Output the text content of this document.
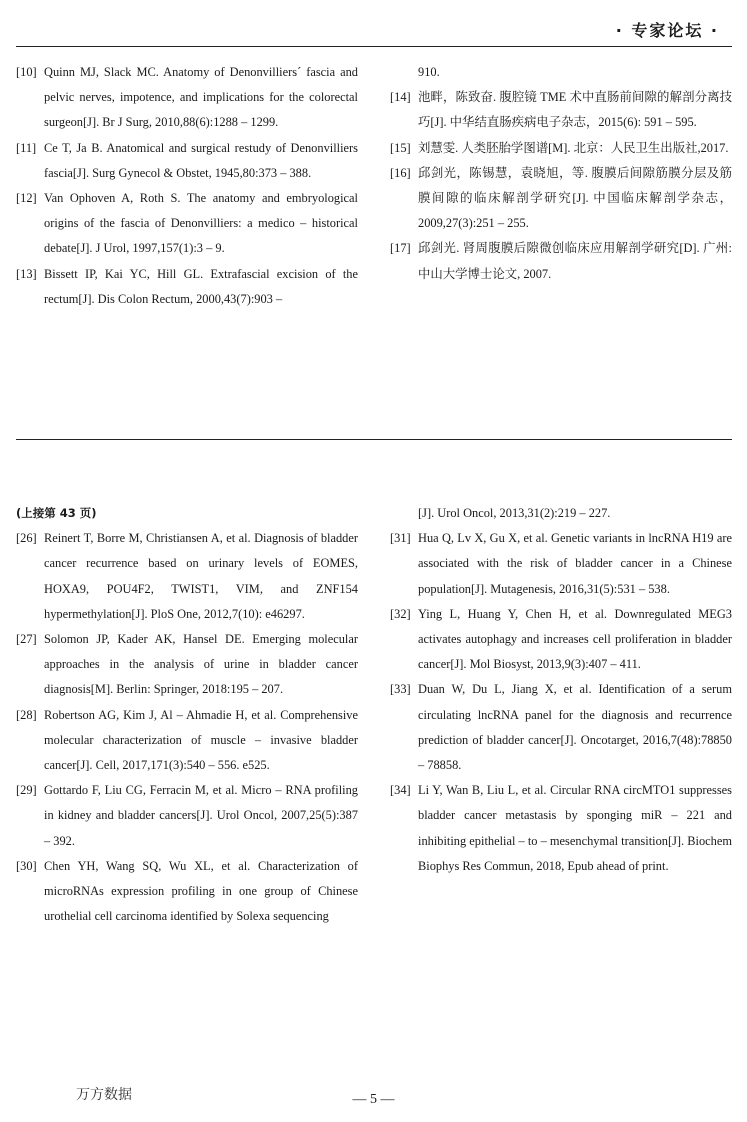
· 专家论坛 ·
[10] Quinn MJ, Slack MC. Anatomy of Denonvilliers´ fascia and pelvic nerves, impotence, and implications for the colorectal surgeon[J]. Br J Surg, 2010,88(6):1288 – 1299.
[11] Ce T, Ja B. Anatomical and surgical restudy of Denonvilliers fascia[J]. Surg Gynecol & Obstet, 1945,80:373 – 388.
[12] Van Ophoven A, Roth S. The anatomy and embryological origins of the fascia of Denonvilliers: a medico – historical debate[J]. J Urol, 1997,157(1):3 – 9.
[13] Bissett IP, Kai YC, Hill GL. Extrafascial excision of the rectum[J]. Dis Colon Rectum, 2000,43(7):903 –
910.
[14] 池畔，陈致奋. 腹腔镜 TME 术中直肠前间隙的解剖分离技巧[J]. 中华结直肠疾病电子杂志，2015(6): 591 – 595.
[15] 刘慧雯. 人类胚胎学图谱[M]. 北京：人民卫生出版社,2017.
[16] 邱剑光，陈锡慧，袁晓旭，等. 腹膜后间隙筋膜分层及筋膜间隙的临床解剖学研究[J]. 中国临床解剖学杂志，2009,27(3):251 – 255.
[17] 邱剑光. 肾周腹膜后隙微创临床应用解剖学研究[D]. 广州:中山大学博士论文, 2007.
(上接第 43 页)
[26] Reinert T, Borre M, Christiansen A, et al. Diagnosis of bladder cancer recurrence based on urinary levels of EOMES, HOXA9, POU4F2, TWIST1, VIM, and ZNF154 hypermethylation[J]. PloS One, 2012,7(10): e46297.
[27] Solomon JP, Kader AK, Hansel DE. Emerging molecular approaches in the analysis of urine in bladder cancer diagnosis[M]. Berlin: Springer, 2018:195 – 207.
[28] Robertson AG, Kim J, Al – Ahmadie H, et al. Comprehensive molecular characterization of muscle – invasive bladder cancer[J]. Cell, 2017,171(3):540 – 556. e525.
[29] Gottardo F, Liu CG, Ferracin M, et al. Micro – RNA profiling in kidney and bladder cancers[J]. Urol Oncol, 2007,25(5):387 – 392.
[30] Chen YH, Wang SQ, Wu XL, et al. Characterization of microRNAs expression profiling in one group of Chinese urothelial cell carcinoma identified by Solexa sequencing
[J]. Urol Oncol, 2013,31(2):219 – 227.
[31] Hua Q, Lv X, Gu X, et al. Genetic variants in lncRNA H19 are associated with the risk of bladder cancer in a Chinese population[J]. Mutagenesis, 2016,31(5):531 – 538.
[32] Ying L, Huang Y, Chen H, et al. Downregulated MEG3 activates autophagy and increases cell proliferation in bladder cancer[J]. Mol Biosyst, 2013,9(3):407 – 411.
[33] Duan W, Du L, Jiang X, et al. Identification of a serum circulating lncRNA panel for the diagnosis and recurrence prediction of bladder cancer[J]. Oncotarget, 2016,7(48):78850 – 78858.
[34] Li Y, Wan B, Liu L, et al. Circular RNA circMTO1 suppresses bladder cancer metastasis by sponging miR – 221 and inhibiting epithelial – to – mesenchymal transition[J]. Biochem Biophys Res Commun, 2018, Epub ahead of print.
万方数据	— 5 —
